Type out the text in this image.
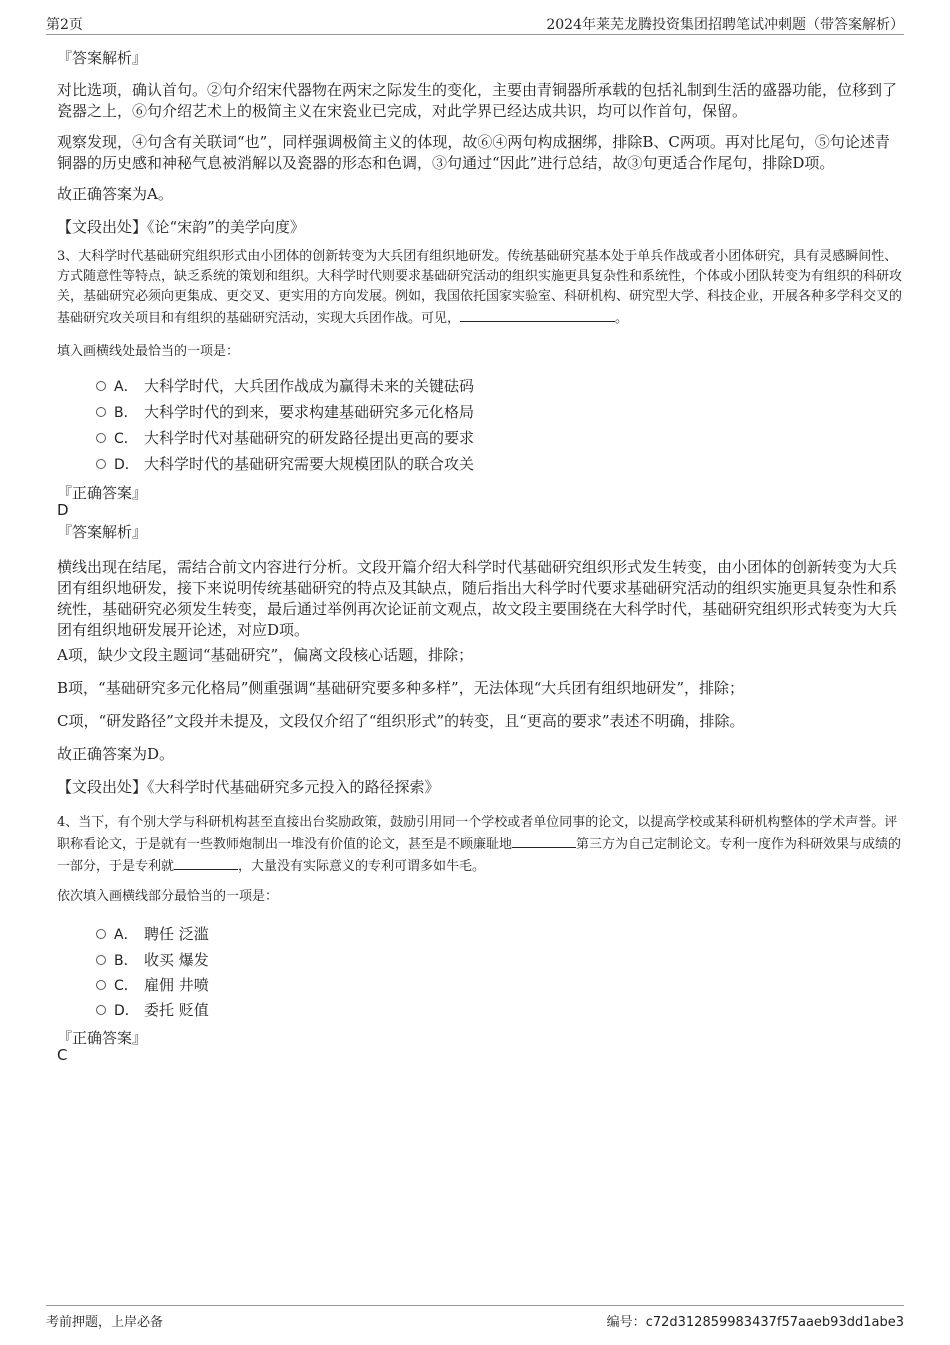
第2页	2024年莱芜龙腾投资集团招聘笔试冲刺题（带答案解析）
『答案解析』
对比选项，确认首句。②句介绍宋代器物在两宋之际发生的变化，主要由青铜器所承载的包括礼制到生活的盛器功能，位移到了瓷器之上，⑥句介绍艺术上的极简主义在宋瓷业已完成，对此学界已经达成共识，均可以作首句，保留。
观察发现，④句含有关联词“也”，同样强调极简主义的体现，故⑥④两句构成捆绑，排除B、C两项。再对比尾句，⑤句论述青铜器的历史感和神秘气息被消解以及瓷器的形态和色调，③句通过“因此”进行总结，故③句更适合作尾句，排除D项。
故正确答案为A。
【文段出处】《论“宋韵”的美学向度》
3、大科学时代基础研究组织形式由小团体的创新转变为大兵团有组织地研发。传统基础研究基本处于单兵作战或者小团体研究，具有灵感瞬间性、方式随意性等特点，缺乏系统的策划和组织。大科学时代则要求基础研究活动的组织实施更具复杂性和系统性，个体或小团队转变为有组织的科研攻关，基础研究必须向更集成、更交叉、更实用的方向发展。例如，我国依托国家实验室、科研机构、研究型大学、科技企业，开展各种多学科交叉的基础研究攻关项目和有组织的基础研究活动，实现大兵团作战。可见，	。
填入画横线处最恰当的一项是：
A． 大科学时代，大兵团作战成为赢得未来的关键砝码
B． 大科学时代的到来，要求构建基础研究多元化格局
C． 大科学时代对基础研究的研发路径提出更高的要求
D． 大科学时代的基础研究需要大规模团队的联合攻关
『正确答案』
D
『答案解析』
横线出现在结尾，需结合前文内容进行分析。文段开篇介绍大科学时代基础研究组织形式发生转变，由小团体的创新转变为大兵团有组织地研发，接下来说明传统基础研究的特点及其缺点，随后指出大科学时代要求基础研究活动的组织实施更具复杂性和系统性，基础研究必须发生转变，最后通过举例再次论证前文观点，故文段主要围绕在大科学时代，基础研究组织形式转变为大兵团有组织地研发展开论述，对应D项。
A项，缺少文段主题词“基础研究”，偏离文段核心话题，排除；
B项，“基础研究多元化格局”侧重强调“基础研究要多种多样”，无法体现“大兵团有组织地研发”，排除；
C项，“研发路径”文段并未提及，文段仅介绍了“组织形式”的转变，且“更高的要求”表述不明确，排除。
故正确答案为D。
【文段出处】《大科学时代基础研究多元投入的路径探索》
4、当下，有个别大学与科研机构甚至直接出台奖励政策，鼓励引用同一个学校或者单位同事的论文，以提高学校或某科研机构整体的学术声誉。评职称看论文，于是就有一些教师炮制出一堆没有价值的论文，甚至是不顾廉耻地	第三方为自己定制论文。专利一度作为科研效果与成绩的一部分，于是专利就	，大量没有实际意义的专利可谓多如牛毛。
依次填入画横线部分最恰当的一项是：
A． 聘任 泛滥
B． 收买 爆发
C． 雇佣 井喷
D． 委托 贬值
『正确答案』
C
考前押题，上岸必备	编号：c72d312859983437f57aaeb93dd1abe3
